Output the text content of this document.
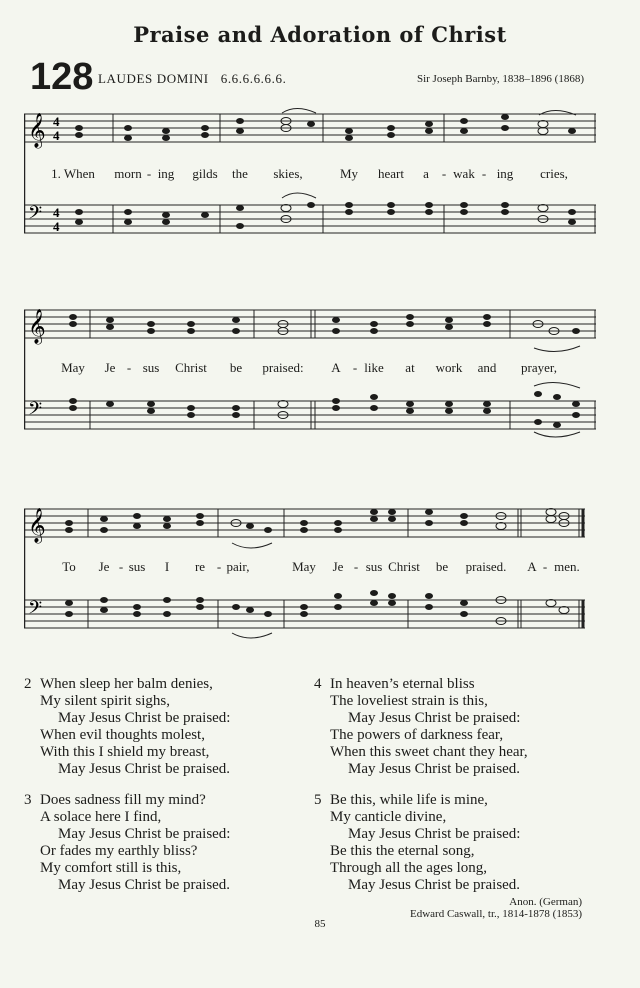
Praise and Adoration of Christ
128 LAUDES DOMINI 6.6.6.6.6.6.	Sir Joseph Barnby, 1838–1896 (1868)
𝄞
𝄢
4
4
4
4
1. When morn - ing gilds the skies,	My heart a - wak - ing cries,
𝄞
𝄢
May Je - sus Christ be praised: A - like at work and prayer,
𝄞
𝄢
To Je - sus I re - pair,	May Je - sus Christ be praised. A - men.
2 When sleep her balm denies,
My silent spirit sighs,
May Jesus Christ be praised:
When evil thoughts molest,
With this I shield my breast,
May Jesus Christ be praised.
3 Does sadness fill my mind?
A solace here I find,
May Jesus Christ be praised:
Or fades my earthly bliss?
My comfort still is this,
May Jesus Christ be praised.
4 In heaven’s eternal bliss
The loveliest strain is this,
May Jesus Christ be praised:
The powers of darkness fear,
When this sweet chant they hear,
May Jesus Christ be praised.
5 Be this, while life is mine,
My canticle divine,
May Jesus Christ be praised:
Be this the eternal song,
Through all the ages long,
May Jesus Christ be praised.
Anon. (German)
Edward Caswall, tr., 1814-1878 (1853)
85
